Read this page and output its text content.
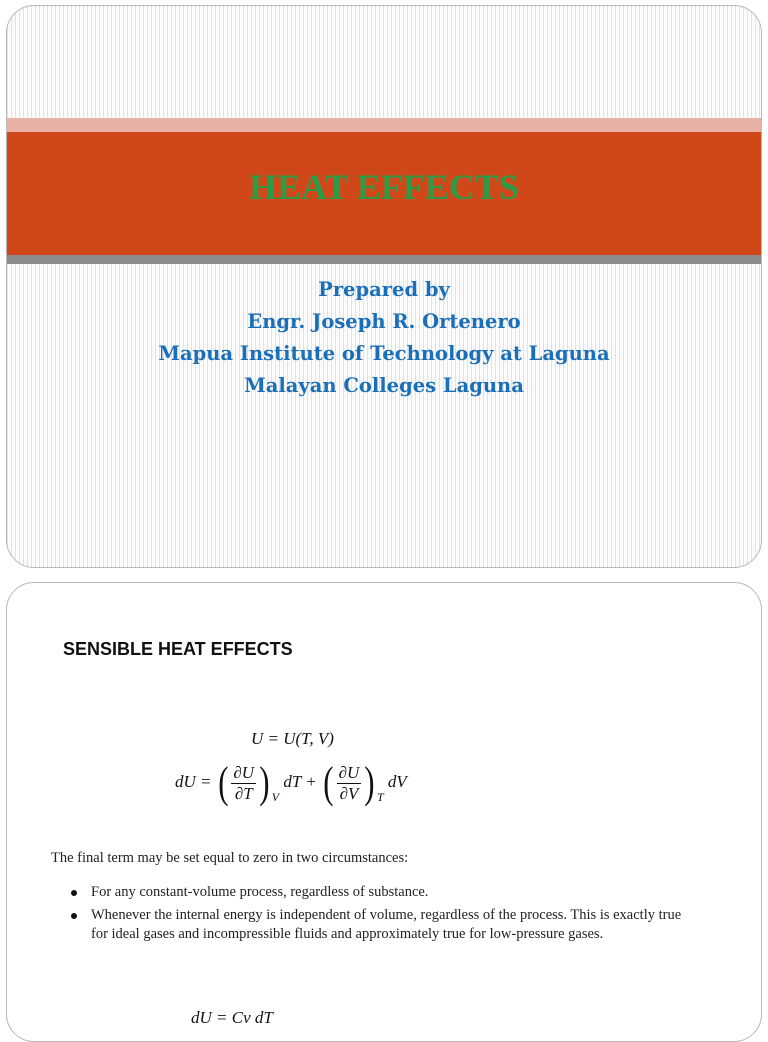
HEAT EFFECTS
Prepared by
Engr. Joseph R. Ortenero
Mapua Institute of Technology at Laguna
Malayan Colleges Laguna
SENSIBLE HEAT EFFECTS
U = U(T, V)
dU = ( $\frac{\partial U}{\partial T}$ ) $_V$ dT + ( $\frac{\partial U}{\partial V}$ ) $_T$ dV
The final term may be set equal to zero in two circumstances:
For any constant-volume process, regardless of substance.
Whenever the internal energy is independent of volume, regardless of the process. This is exactly true for ideal gases and incompressible fluids and approximately true for low-pressure gases.
dU = Cv dT
